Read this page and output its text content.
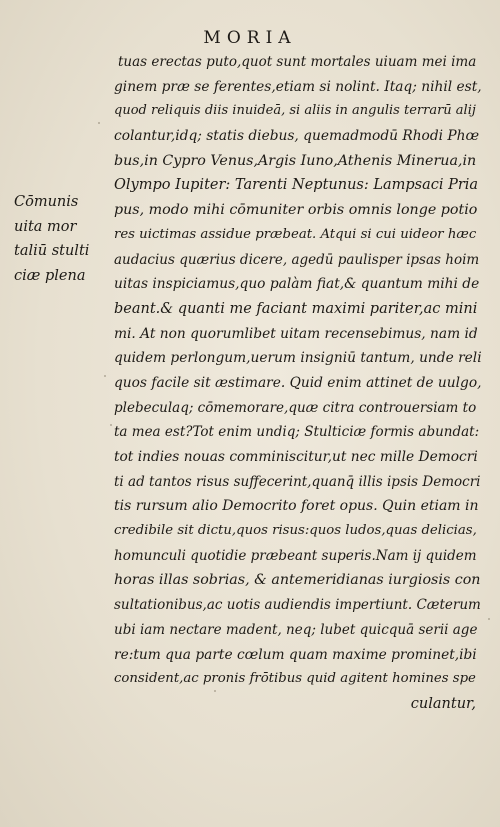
MORIA
Cōmunis
uita mor
taliū stulti
ciæ plena
tuas erectas puto,quot sunt mortales uiuam mei ima
ginem præ se ferentes,etiam si nolint. Itaq; nihil est,
quod reliquis diis inuideā, si aliis in angulis terrarū alij
colantur,idq; statis diebus, quemadmodū Rhodi Phœ
bus,in Cypro Venus,Argis Iuno,Athenis Minerua,in
Olympo Iupiter: Tarenti Neptunus: Lampsaci Pria
pus, modo mihi cōmuniter orbis omnis longe potio
res uictimas assidue præbeat. Atqui si cui uideor hæc
audacius quærius dicere, agedū paulisper ipsas hoim
uitas inspiciamus,quo palàm fiat,& quantum mihi de
beant.& quanti me faciant maximi pariter,ac mini
mi. At non quorumlibet uitam recensebimus, nam id
quidem perlongum,uerum insigniū tantum, unde reli
quos facile sit æstimare. Quid enim attinet de uulgo,
plebeculaq; cōmemorare,quæ citra controuersiam to
ta mea est?Tot enim undiq; Stulticiæ formis abundat:
tot indies nouas comminiscitur,ut nec mille Democri
ti ad tantos risus suffecerint,quanq̄ illis ipsis Democri
tis rursum alio Democrito foret opus. Quin etiam in
credibile sit dictu,quos risus:quos ludos,quas delicias,
homunculi quotidie præbeant superis.Nam ij quidem
horas illas sobrias, & antemeridianas iurgiosis con
sultationibus,ac uotis audiendis impertiunt. Cæterum
ubi iam nectare madent, neq; lubet quicquā serii age
re:tum qua parte cœlum quam maxime prominet,ibi
consident,ac pronis frōtibus quid agitent homines spe
culantur,
